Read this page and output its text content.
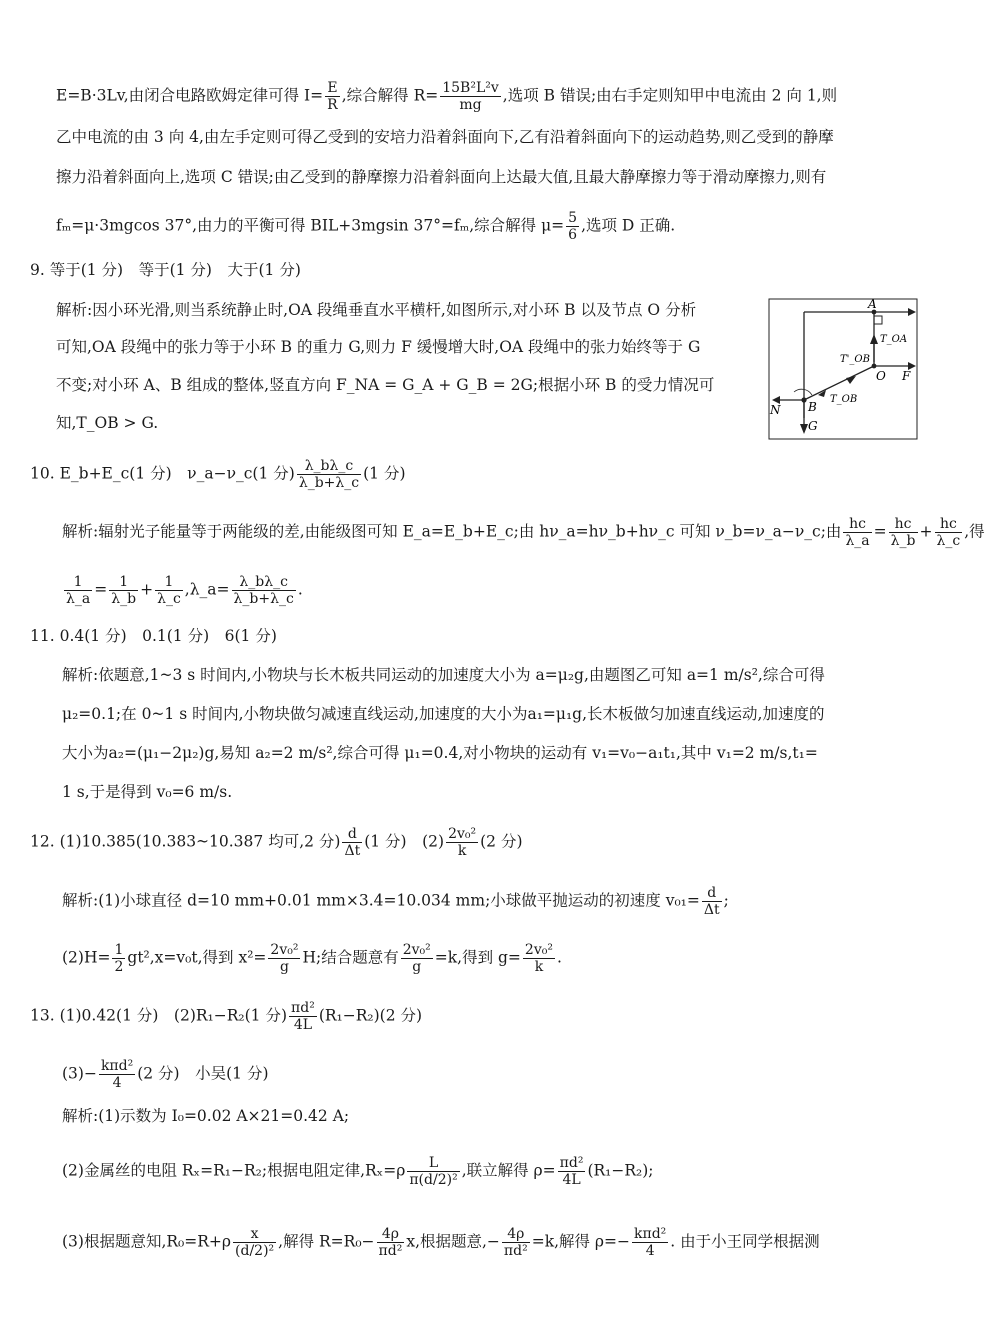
E=B·3Lv,由闭合电路欧姆定律可得 $I= \frac{E}{R}$ ,综合解得 $R= \frac{\text{15B²L²v}}{mg}$ ,选项 B 错误;由右手定则知甲中电流由 2 向 1,则
乙中电流的由 3 向 4,由左手定则可得乙受到的安培力沿着斜面向下,乙有沿着斜面向下的运动趋势,则乙受到的静摩
擦力沿着斜面向上,选项 C 错误;由乙受到的静摩擦力沿着斜面向上达最大值,且最大静摩擦力等于滑动摩擦力,则有
fₘ=μ·3mgcos 37°,由力的平衡可得 BIL+3mgsin 37°=fₘ,综合解得 $\mu= \frac{5}{6}$ ,选项 D 正确.
9. 等于(1 分)　等于(1 分)　大于(1 分)
解析:因小环光滑,则当系统静止时,OA 段绳垂直水平横杆,如图所示,对小环 B 以及节点 O 分析
可知,OA 段绳中的张力等于小环 B 的重力 G,则力 F 缓慢增大时,OA 段绳中的张力始终等于 G
不变;对小环 A、B 组成的整体,竖直方向 F_NA = G_A + G_B = 2G;根据小环 B 的受力情况可
知,T_OB > G.
A
O F
B
N
G
T_OA
T'_OB
T_OB
10. E_b+E_c(1 分)　ν_a−ν_c(1 分) $\frac{\lambda\_b\lambda\_c}{\lambda\_b+\lambda\_c} (1$ 分)
解析:辐射光子能量等于两能级的差,由能级图可知 E_a=E_b+E_c;由 hν_a=hν_b+hν_c 可知 ν_b=ν_a−ν_c;由 $\frac{hc}{\lambda\_a} = \frac{hc}{\lambda\_b} + \frac{hc}{\lambda\_c}$ ,得
$\frac{1}{\lambda\_a} = \frac{1}{\lambda\_b} + \frac{1}{\lambda\_c}$ ,λ_a= $\frac{\lambda\_b\lambda\_c}{\lambda\_b+\lambda\_c}$ .
11. 0.4(1 分)　0.1(1 分)　6(1 分)
解析:依题意,1~3 s 时间内,小物块与长木板共同运动的加速度大小为 a=μ₂g,由题图乙可知 a=1 m/s²,综合可得
μ₂=0.1;在 0~1 s 时间内,小物块做匀减速直线运动,加速度的大小为a₁=μ₁g,长木板做匀加速直线运动,加速度的
大小为a₂=(μ₁−2μ₂)g,易知 a₂=2 m/s²,综合可得 μ₁=0.4,对小物块的运动有 v₁=v₀−a₁t₁,其中 v₁=2 m/s,t₁=
1 s,于是得到 v₀=6 m/s.
12. (1)10.385(10.383~10.387 均可,2 分) $\frac{d}{\Delta t} (1$ 分)　$(2) \frac{\text{2v₀²}}{k} (2$ 分)
解析:(1)小球直径 d=10 mm+0.01 mm×3.4=10.034 mm;小球做平抛运动的初速度 $v_{01}= \frac{d}{\Delta t}$ ;
$(2)H= \frac{1}{2} gt^2,x=v_0t$,得到 $x^2= \frac{\text{2v₀²}}{g} H$;结合题意有 $\frac{\text{2v₀²}}{g} =k$,得到 $g= \frac{\text{2v₀²}}{k}$ .
13. (1)0.42(1 分)　(2)R₁−R₂(1 分) $\frac{\text{πd²}}{4L} (R_1-R_2)(2$ 分)
$(3)- \frac{\text{kπd²}}{4} (2$ 分)　小吴(1 分)
解析:(1)示数为 I₀=0.02 A×21=0.42 A;
(2)金属丝的电阻 Rₓ=R₁−R₂;根据电阻定律$,R_x=\rho \frac{L}{\text{π(d/2)²}}$ ,联立解得 $\rho= \frac{\text{πd²}}{4L} (R_1-R_2)$;
(3)根据题意知$,R_0=R+\rho \frac{x}{\text{(d/2)²}}$ ,解得 $R=R_0- \frac{4\rho}{\text{πd²}} x$,根据题意,− $\frac{4\rho}{\text{πd²}} =k$,解得 $\rho=- \frac{\text{kπd²}}{4}$ . 由于小王同学根据测
